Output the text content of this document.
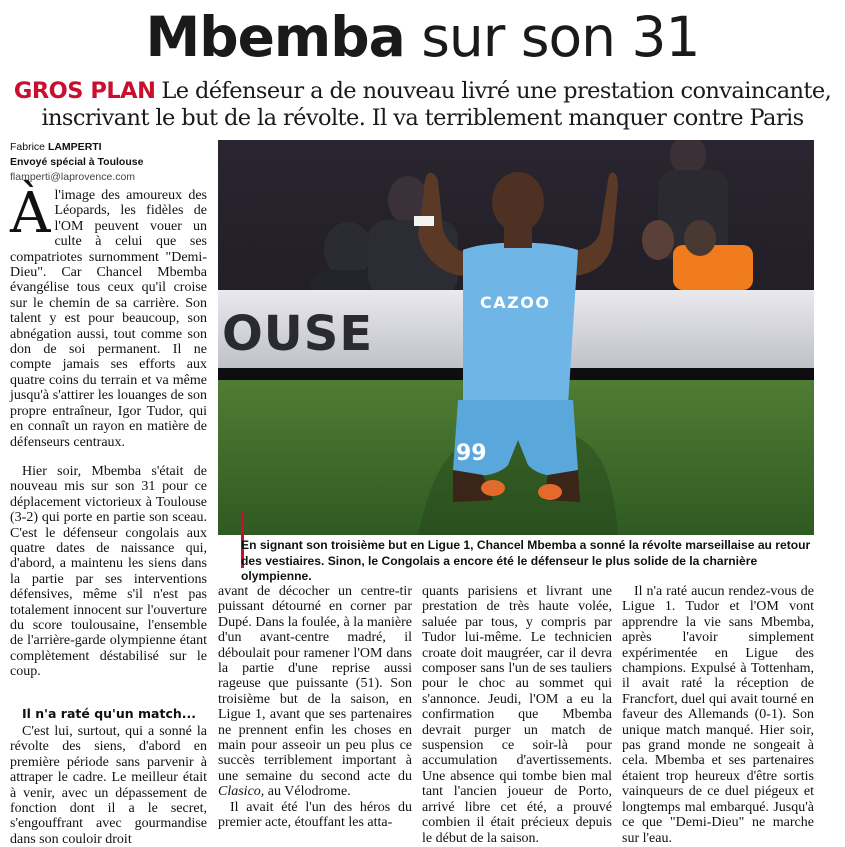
Mbemba sur son 31
GROS PLAN Le défenseur a de nouveau livré une prestation convaincante, inscrivant le but de la révolte. Il va terriblement manquer contre Paris
Fabrice LAMPERTI
Envoyé spécial à Toulouse
flamperti@laprovence.com
OUSE
CAZOO
99
En signant son troisième but en Ligue 1, Chancel Mbemba a sonné la révolte marseillaise au retour des vestiaires. Sinon, le Congolais a encore été le défenseur le plus solide de la charnière olympienne.

Àl'image des amoureux des Léopards, les fidèles de l'OM peuvent vouer un culte à celui que ses compatriotes surnomment "Demi-Dieu". Car Chancel Mbemba évangélise tous ceux qu'il croise sur le chemin de sa carrière. Son talent y est pour beaucoup, son abnégation aussi, tout comme son don de soi permanent. Il ne compte jamais ses efforts aux quatre coins du terrain et va même jusqu'à s'attirer les louanges de son propre entraîneur, Igor Tudor, qui en connaît un rayon en matière de défenseurs centraux.

Hier soir, Mbemba s'était de nouveau mis sur son 31 pour ce déplacement victorieux à Toulouse (3-2) qui porte en partie son sceau. C'est le défenseur congolais aux quatre dates de naissance qui, d'abord, a maintenu les siens dans la partie par ses interventions défensives, même s'il n'est pas totalement innocent sur l'ouverture du score toulousaine, l'ensemble de l'arrière-garde olympienne étant complètement déstabilisé sur le coup.

Il n'a raté qu'un match...

C'est lui, surtout, qui a sonné la révolte des siens, d'abord en première période sans parvenir à attraper le cadre. Le meilleur était à venir, avec un dépassement de fonction dont il a le secret, s'engouffrant avec gourmandise dans son couloir droit

avant de décocher un centre-tir puissant détourné en corner par Dupé. Dans la foulée, à la manière d'un avant-centre madré, il déboulait pour ramener l'OM dans la partie d'une reprise aussi rageuse que puissante (51). Son troisième but de la saison, en Ligue 1, avant que ses partenaires ne prennent enfin les choses en main pour asseoir un peu plus ce succès terriblement important à une semaine du second acte du Clasico, au Vélodrome.

Il avait été l'un des héros du premier acte, étouffant les atta-

quants parisiens et livrant une prestation de très haute volée, saluée par tous, y compris par Tudor lui-même. Le technicien croate doit maugréer, car il devra composer sans l'un de ses tauliers pour le choc au sommet qui s'annonce. Jeudi, l'OM a eu la confirmation que Mbemba devrait purger un match de suspension ce soir-là pour accumulation d'avertissements. Une absence qui tombe bien mal tant l'ancien joueur de Porto, arrivé libre cet été, a prouvé combien il était précieux depuis le début de la saison.

Il n'a raté aucun rendez-vous de Ligue 1. Tudor et l'OM vont apprendre la vie sans Mbemba, après l'avoir simplement expérimentée en Ligue des champions. Expulsé à Tottenham, il avait raté la réception de Francfort, duel qui avait tourné en faveur des Allemands (0-1). Son unique match manqué. Hier soir, pas grand monde ne songeait à cela. Mbemba et ses partenaires étaient trop heureux d'être sortis vainqueurs de ce duel piégeux et longtemps mal embarqué. Jusqu'à ce que "Demi-Dieu" ne marche sur l'eau.
